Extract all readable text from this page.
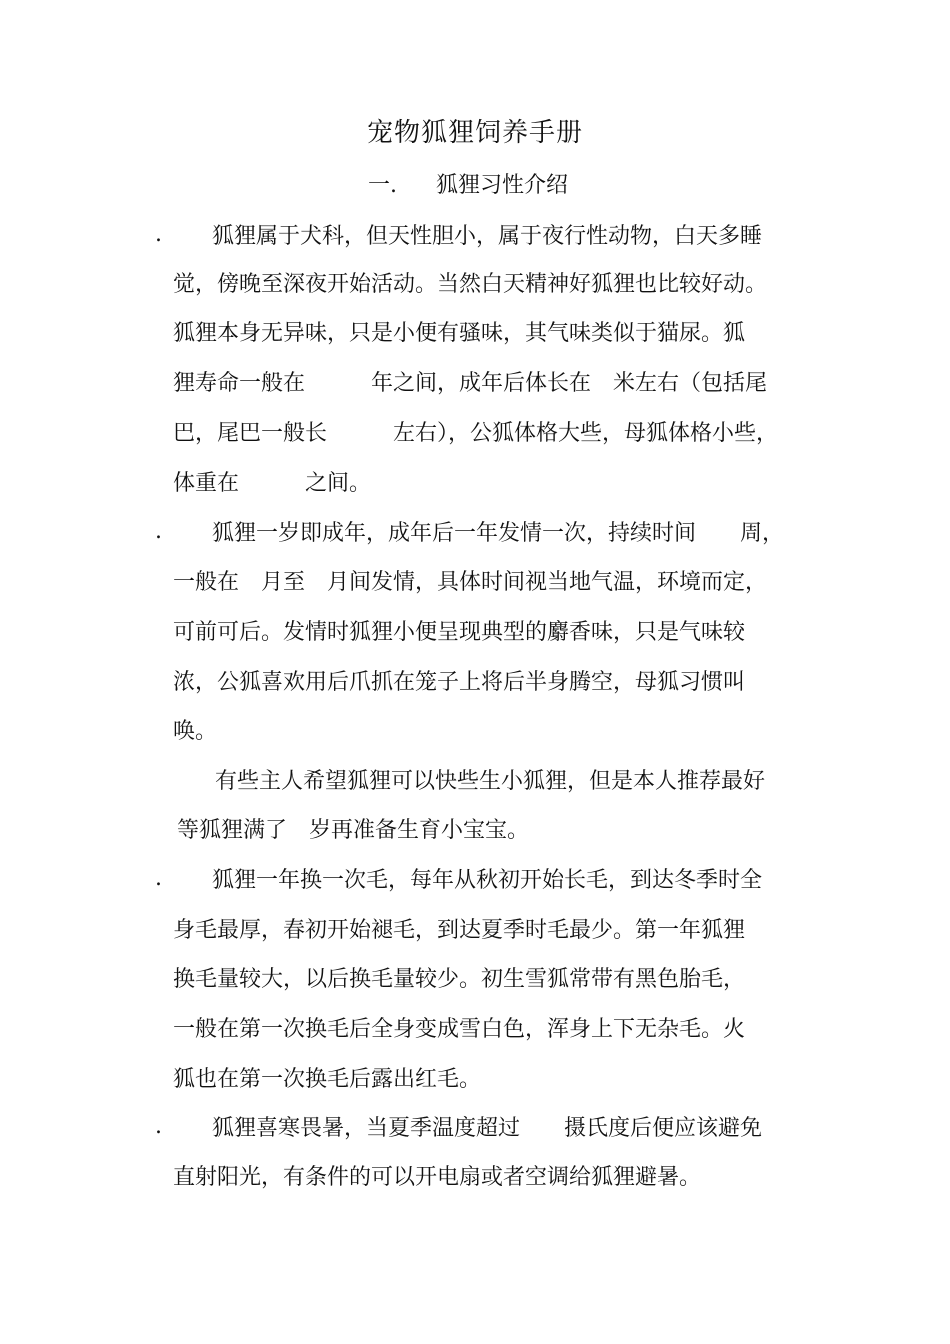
宠物狐狸饲养手册
一. 狐狸习性介绍
. 狐狸属于犬科，但天性胆小，属于夜行性动物，白天多睡
觉，傍晚至深夜开始活动。当然白天精神好狐狸也比较好动。
狐狸本身无异味，只是小便有骚味，其气味类似于猫尿。狐
狸寿命一般在　　　年之间，成年后体长在　米左右（包括尾
巴，尾巴一般长　　　左右），公狐体格大些，母狐体格小些，
体重在　　　之间。
. 狐狸一岁即成年，成年后一年发情一次，持续时间　　周，
一般在　月至　月间发情，具体时间视当地气温，环境而定，
可前可后。发情时狐狸小便呈现典型的麝香味，只是气味较
浓，公狐喜欢用后爪抓在笼子上将后半身腾空，母狐习惯叫
唤。
有些主人希望狐狸可以快些生小狐狸，但是本人推荐最好
等狐狸满了　岁再准备生育小宝宝。
. 狐狸一年换一次毛，每年从秋初开始长毛，到达冬季时全
身毛最厚，春初开始褪毛，到达夏季时毛最少。第一年狐狸
换毛量较大，以后换毛量较少。初生雪狐常带有黑色胎毛，
一般在第一次换毛后全身变成雪白色，浑身上下无杂毛。火
狐也在第一次换毛后露出红毛。
. 狐狸喜寒畏暑，当夏季温度超过　　摄氏度后便应该避免
直射阳光，有条件的可以开电扇或者空调给狐狸避暑。
